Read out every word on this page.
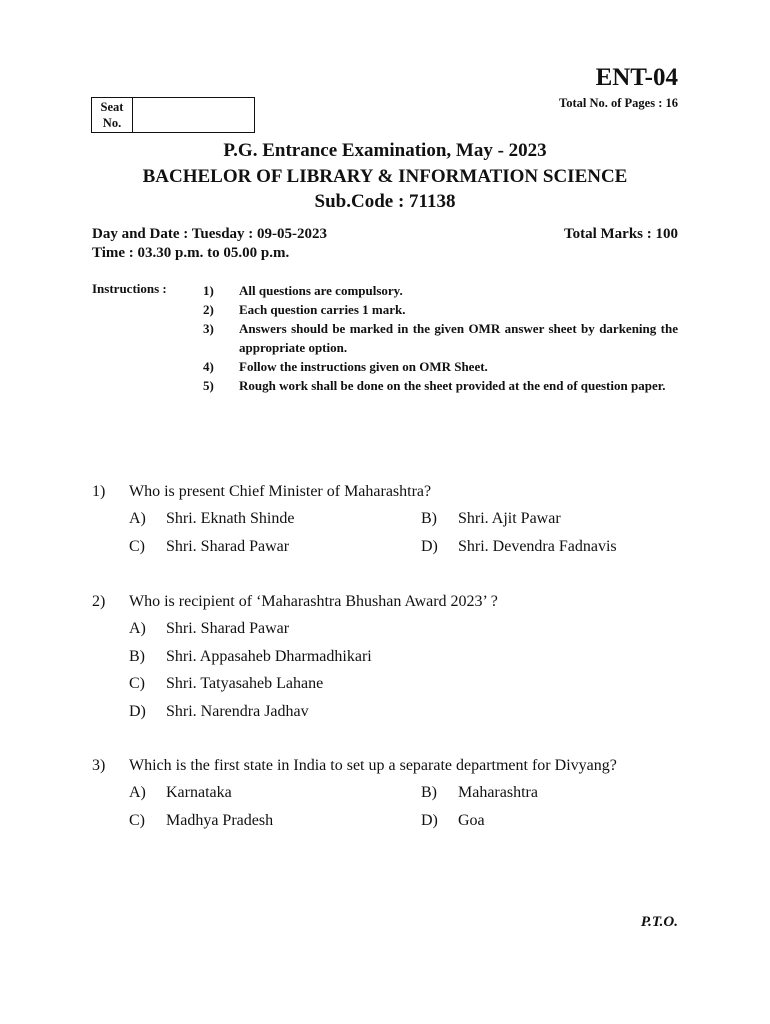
ENT-04
Total No. of Pages : 16
Seat
No.
P.G. Entrance Examination, May - 2023
BACHELOR OF LIBRARY & INFORMATION SCIENCE
Sub.Code : 71138
Day and Date : Tuesday : 09-05-2023
Time : 03.30 p.m. to 05.00 p.m.
Total Marks : 100
Instructions :	1)	All questions are compulsory.
2)	Each question carries 1 mark.
3)	Answers should be marked in the given OMR answer sheet by darkening the appropriate option.
4)	Follow the instructions given on OMR Sheet.
5)	Rough work shall be done on the sheet provided at the end of question paper.
1)	Who is present Chief Minister of Maharashtra?
A)	Shri. Eknath Shinde	B)	Shri. Ajit Pawar
C)	Shri. Sharad Pawar	D)	Shri. Devendra Fadnavis
2)	Who is recipient of ‘Maharashtra Bhushan Award 2023’ ?
A)	Shri. Sharad Pawar
B)	Shri. Appasaheb Dharmadhikari
C)	Shri. Tatyasaheb Lahane
D)	Shri. Narendra Jadhav
3)	Which is the first state in India to set up a separate department for Divyang?
A)	Karnataka	B)	Maharashtra
C)	Madhya Pradesh	D)	Goa
P.T.O.
